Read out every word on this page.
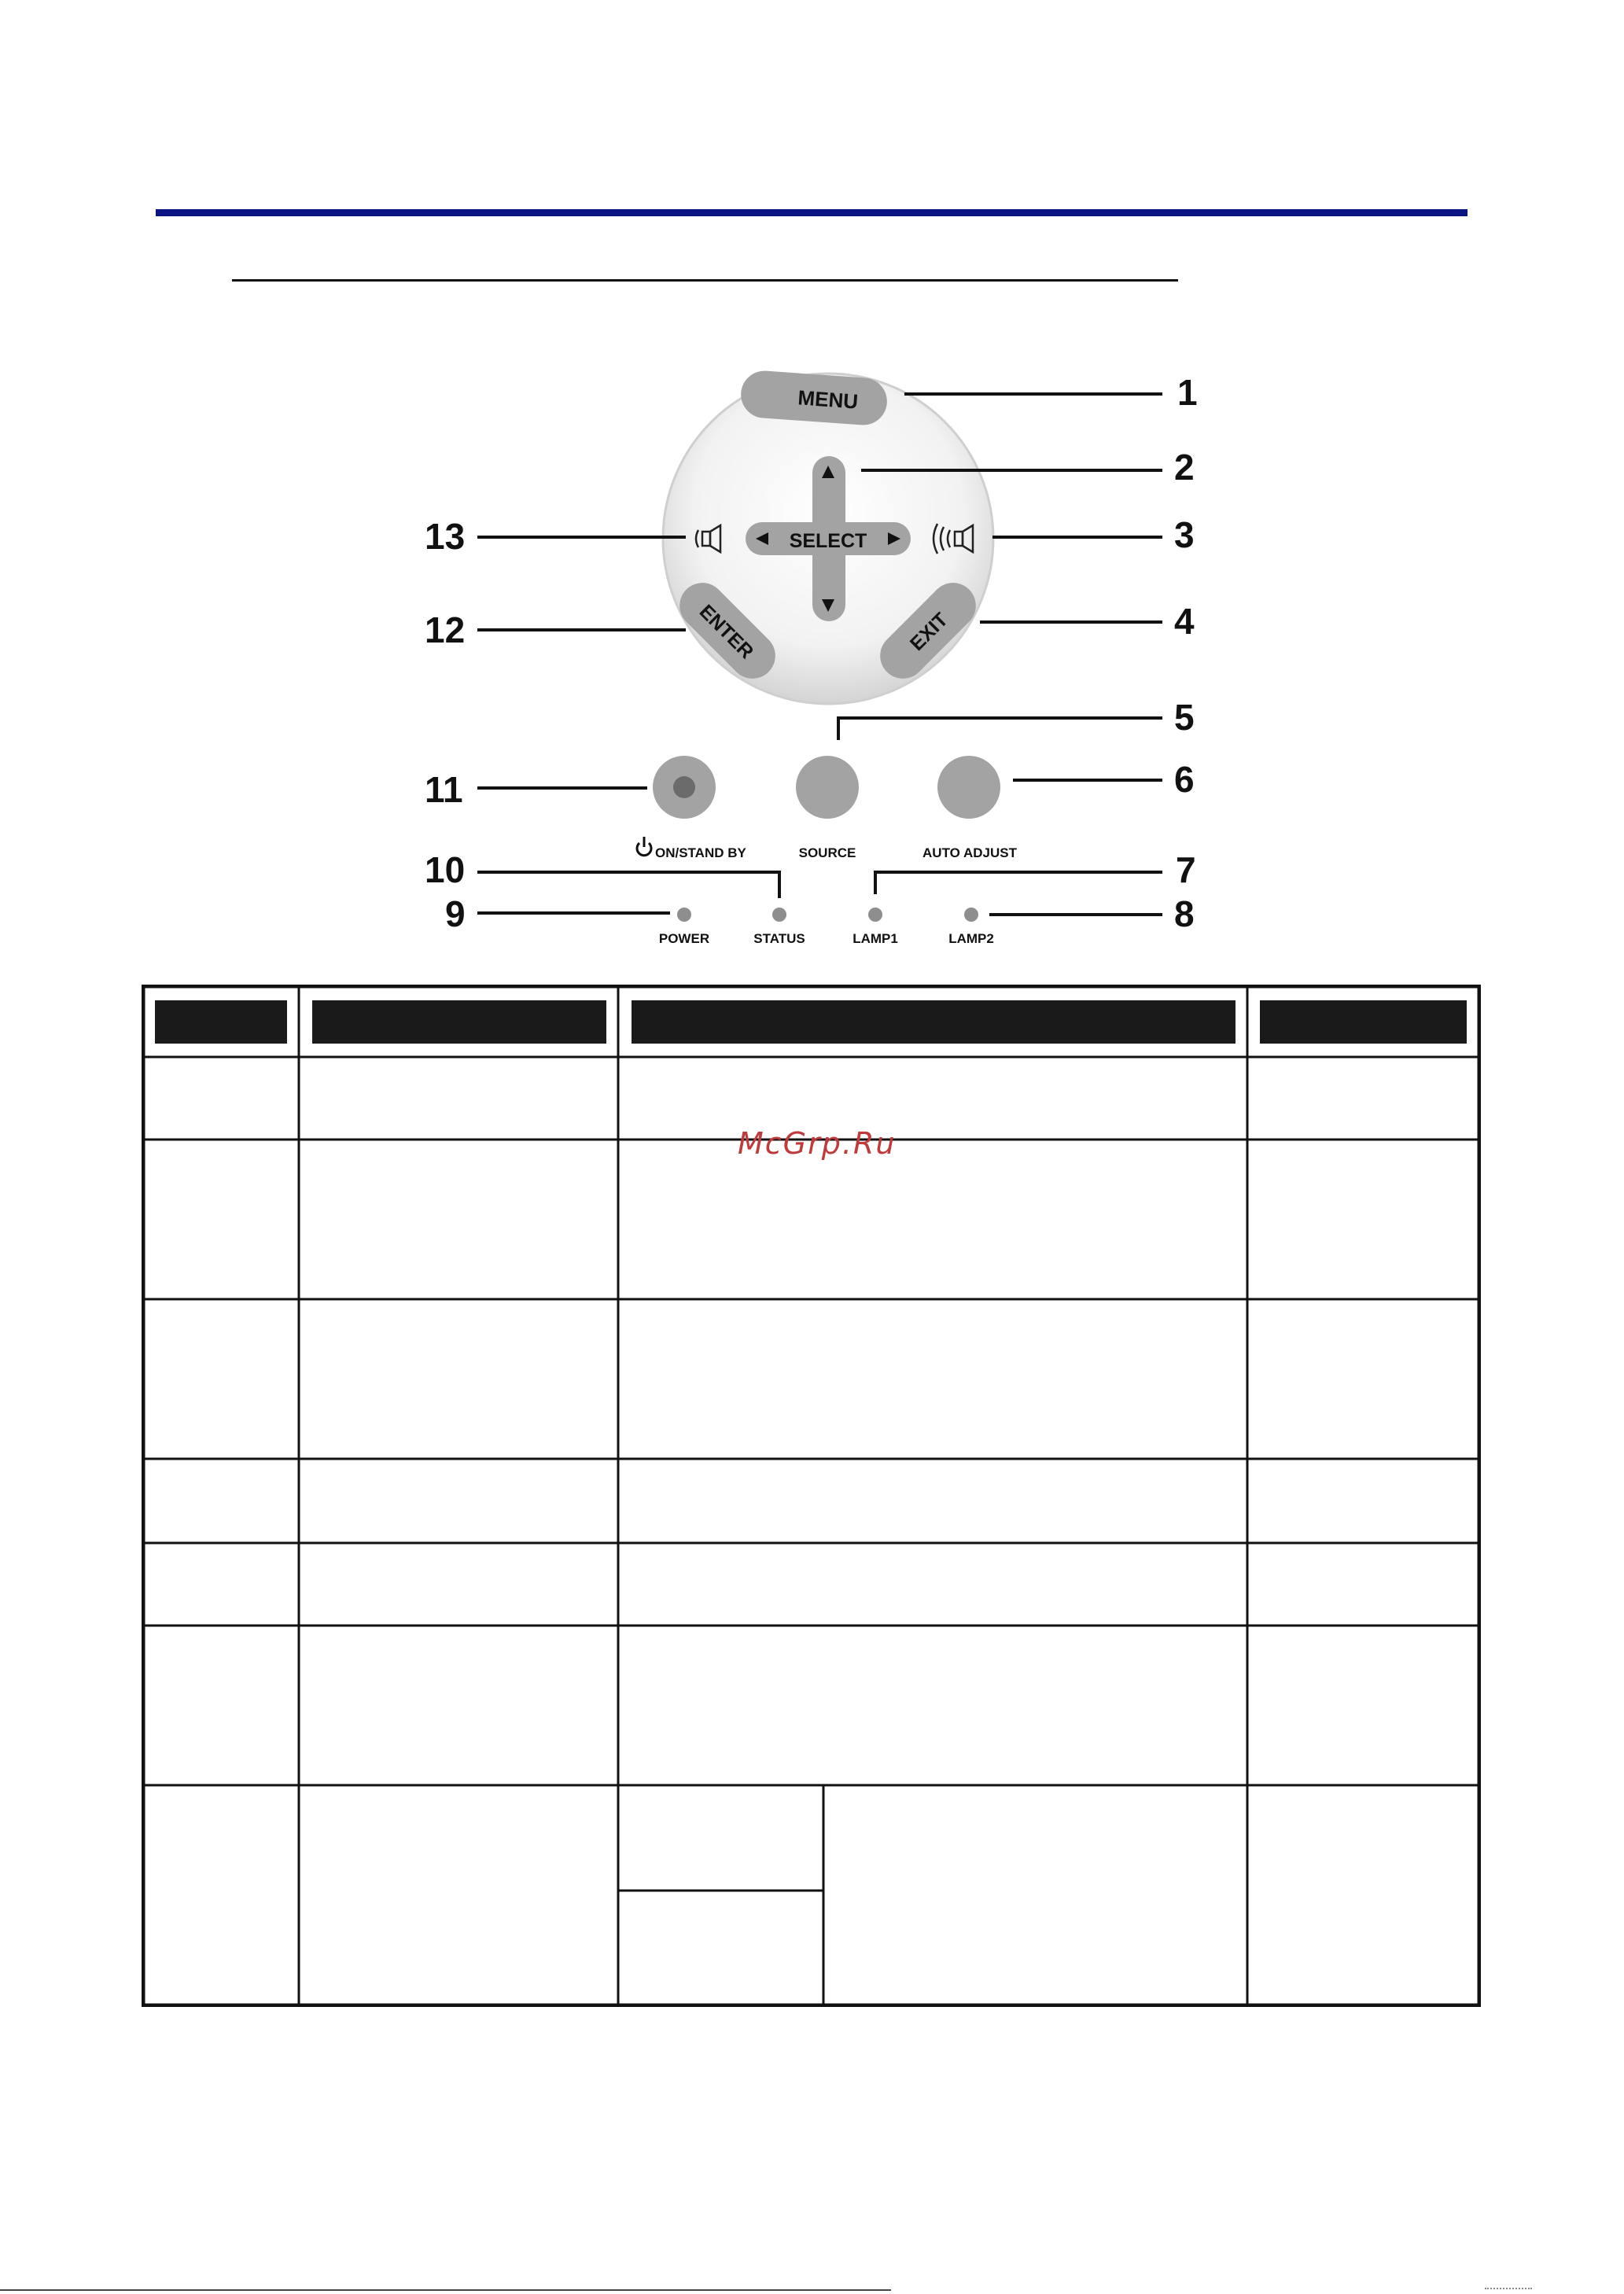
MENU
SELECT
ENTER	EXIT
ON/STAND BY	SOURCE	AUTO ADJUST
POWER	STATUS	LAMP1	LAMP2
1
2
3
4
5
6
7
8
9
10
11
12
13
McGrp.Ru
